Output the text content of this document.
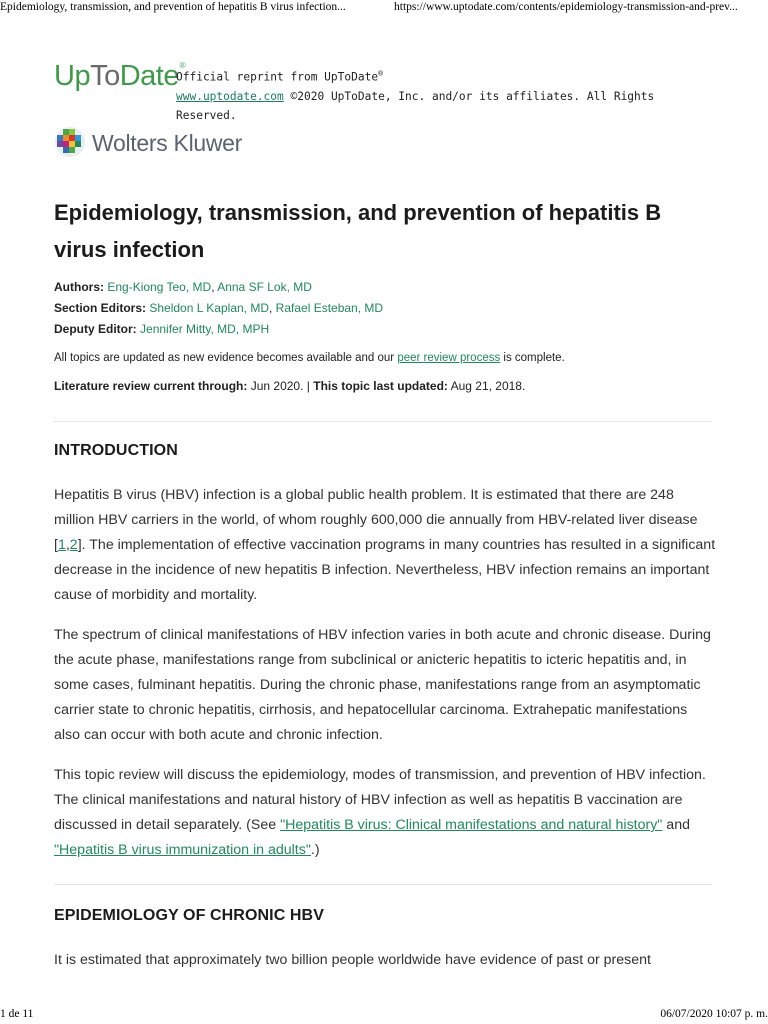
Epidemiology, transmission, and prevention of hepatitis B virus infection...	https://www.uptodate.com/contents/epidemiology-transmission-and-prev...
UpToDate ®
Official reprint from UpToDate®
www.uptodate.com ©2020 UpToDate, Inc. and/or its affiliates. All Rights Reserved.
Wolters Kluwer
Epidemiology, transmission, and prevention of hepatitis B virus infection
Authors: Eng-Kiong Teo, MD, Anna SF Lok, MD
Section Editors: Sheldon L Kaplan, MD, Rafael Esteban, MD
Deputy Editor: Jennifer Mitty, MD, MPH
All topics are updated as new evidence becomes available and our peer review process is complete.
Literature review current through: Jun 2020. | This topic last updated: Aug 21, 2018.
INTRODUCTION

Hepatitis B virus (HBV) infection is a global public health problem. It is estimated that there are 248 million HBV carriers in the world, of whom roughly 600,000 die annually from HBV-related liver disease [1,2]. The implementation of effective vaccination programs in many countries has resulted in a significant decrease in the incidence of new hepatitis B infection. Nevertheless, HBV infection remains an important cause of morbidity and mortality.

The spectrum of clinical manifestations of HBV infection varies in both acute and chronic disease. During the acute phase, manifestations range from subclinical or anicteric hepatitis to icteric hepatitis and, in some cases, fulminant hepatitis. During the chronic phase, manifestations range from an asymptomatic carrier state to chronic hepatitis, cirrhosis, and hepatocellular carcinoma. Extrahepatic manifestations also can occur with both acute and chronic infection.

This topic review will discuss the epidemiology, modes of transmission, and prevention of HBV infection. The clinical manifestations and natural history of HBV infection as well as hepatitis B vaccination are discussed in detail separately. (See "Hepatitis B virus: Clinical manifestations and natural history" and "Hepatitis B virus immunization in adults".)

EPIDEMIOLOGY OF CHRONIC HBV

It is estimated that approximately two billion people worldwide have evidence of past or present

1 de 11	06/07/2020 10:07 p. m.
